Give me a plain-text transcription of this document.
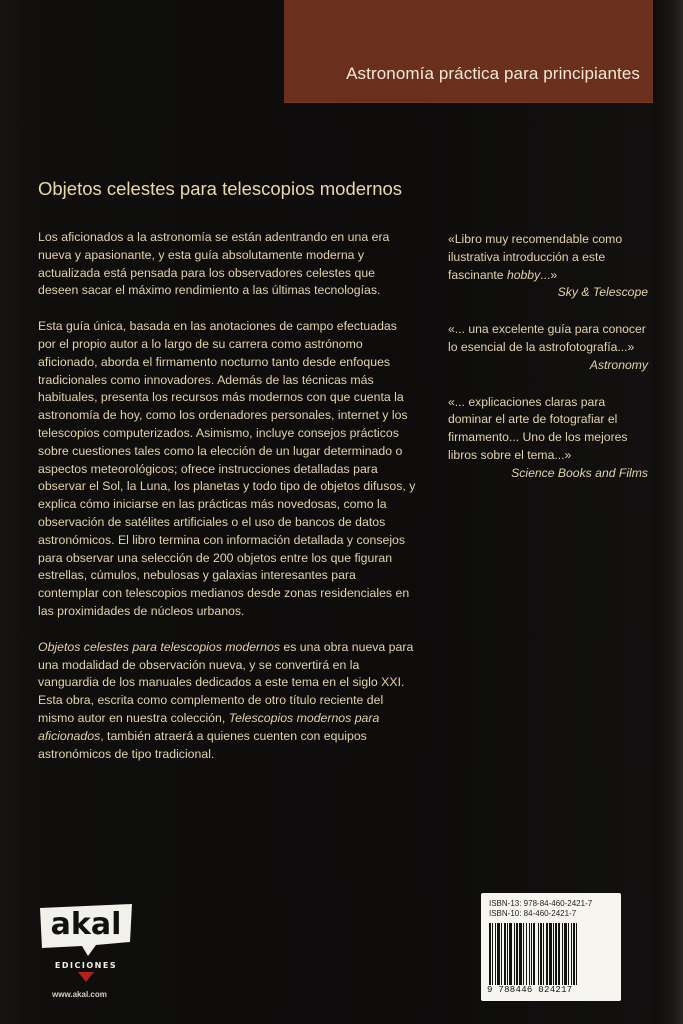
Astronomía práctica para principiantes
Objetos celestes para telescopios modernos

Los aficionados a la astronomía se están adentrando en una era nueva y apasionante, y esta guía absolutamente moderna y actualizada está pensada para los observadores celestes que deseen sacar el máximo rendimiento a las últimas tecnologías.

Esta guía única, basada en las anotaciones de campo efectuadas por el propio autor a lo largo de su carrera como astrónomo aficionado, aborda el firmamento nocturno tanto desde enfoques tradicionales como innovadores. Además de las técnicas más habituales, presenta los recursos más modernos con que cuenta la astronomía de hoy, como los ordenadores personales, internet y los telescopios computerizados. Asimismo, incluye consejos prácticos sobre cuestiones tales como la elección de un lugar determinado o aspectos meteorológicos; ofrece instrucciones detalladas para observar el Sol, la Luna, los planetas y todo tipo de objetos difusos, y explica cómo iniciarse en las prácticas más novedosas, como la observación de satélites artificiales o el uso de bancos de datos astronómicos. El libro termina con información detallada y consejos para observar una selección de 200 objetos entre los que figuran estrellas, cúmulos, nebulosas y galaxias interesantes para contemplar con telescopios medianos desde zonas residenciales en las proximidades de núcleos urbanos.

Objetos celestes para telescopios modernos es una obra nueva para una modalidad de observación nueva, y se convertirá en la vanguardia de los manuales dedicados a este tema en el siglo XXI. Esta obra, escrita como complemento de otro título reciente del mismo autor en nuestra colección, Telescopios modernos para aficionados, también atraerá a quienes cuenten con equipos astronómicos de tipo tradicional.

«Libro muy recomendable como ilustrativa introducción a este fascinante hobby...»
Sky & Telescope
«... una excelente guía para conocer lo esencial de la astrofotografía...»
Astronomy
«... explicaciones claras para dominar el arte de fotografiar el firmamento... Uno de los mejores libros sobre el tema...»
Science Books and Films
akal
EDICIONES
www.akal.com
ISBN-13: 978-84-460-2421-7
ISBN-10: 84-460-2421-7
9 788446 024217
